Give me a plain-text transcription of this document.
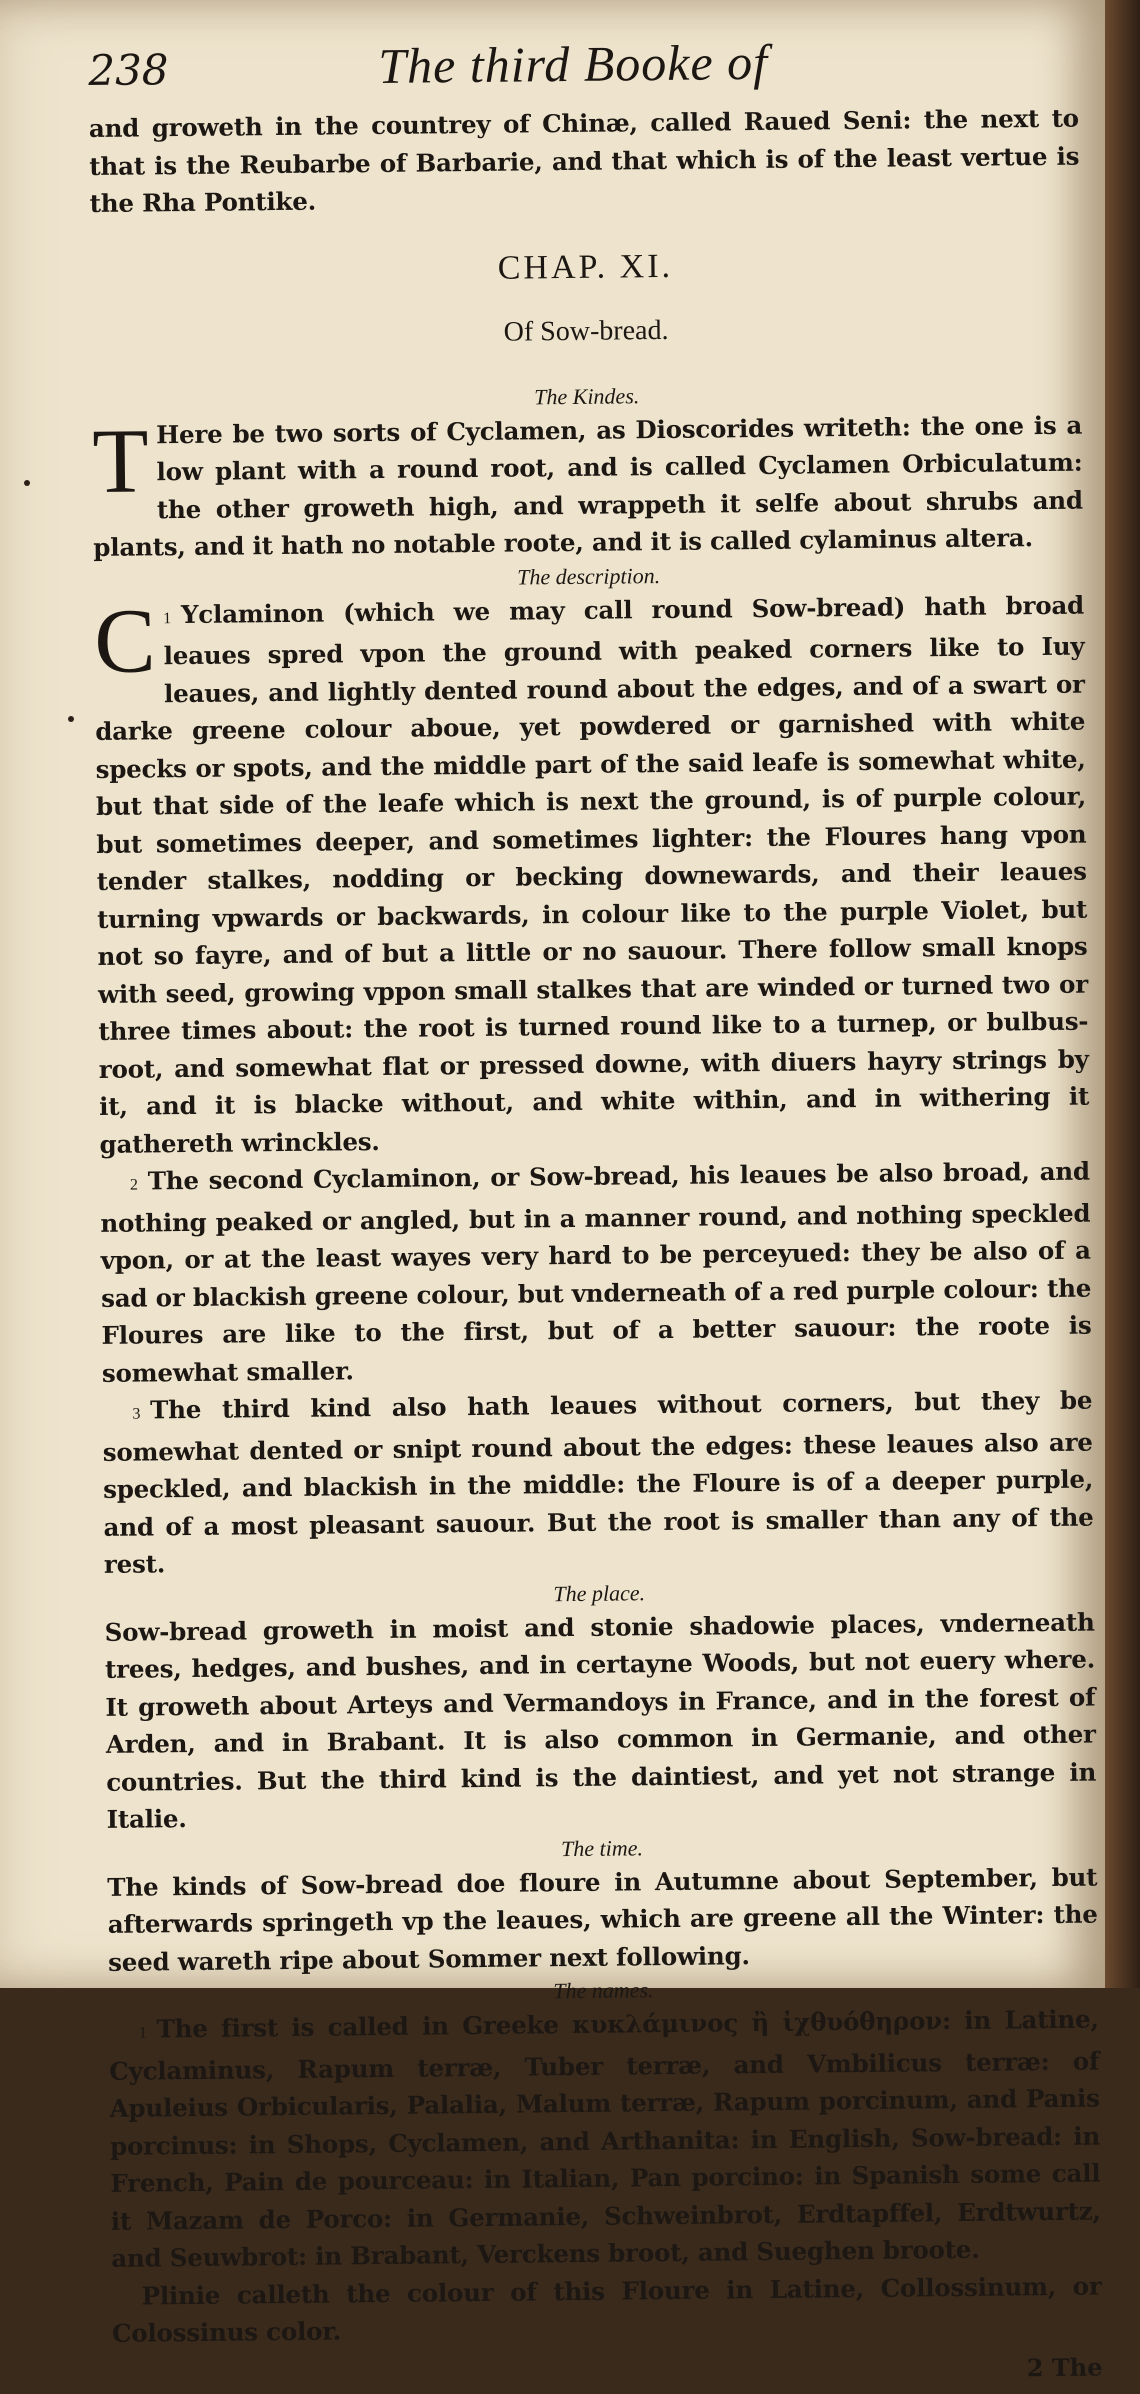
238	The third Booke of

and groweth in the countrey of Chinæ, called Raued Seni: the next to that is the Reubarbe of Barbarie, and that which is of the least vertue is the Rha Pontike.

CHAP. XI.
Of Sow-bread.
The Kindes.

T Here be two sorts of Cyclamen, as Dioscorides writeth: the one is a low plant with a round root, and is called Cyclamen Orbiculatum: the other groweth high, and wrappeth it selfe about shrubs and plants, and it hath no notable roote, and it is called cylaminus altera.

The description.

1
C Yclaminon (which we may call round Sow-bread) hath broad leaues spred vpon the ground with peaked corners like to Iuy leaues, and lightly dented round about the edges, and of a swart or darke greene colour aboue, yet powdered or garnished with white specks or spots, and the middle part of the said leafe is somewhat white, but that side of the leafe which is next the ground, is of purple colour, but sometimes deeper, and sometimes lighter: the Floures hang vpon tender stalkes, nodding or becking downewards, and their leaues turning vpwards or backwards, in colour like to the purple Violet, but not so fayre, and of but a little or no sauour. There follow small knops with seed, growing vppon small stalkes that are winded or turned two or three times about: the root is turned round like to a turnep, or bulbus-root, and somewhat flat or pressed downe, with diuers hayry strings by it, and it is blacke without, and white within, and in withering it gathereth wrinckles.

2 The second Cyclaminon, or Sow-bread, his leaues be also broad, and nothing peaked or angled, but in a manner round, and nothing speckled vpon, or at the least wayes very hard to be perceyued: they be also of a sad or blackish greene colour, but vnderneath of a red purple colour: the Floures are like to the first, but of a better sauour: the roote is somewhat smaller.

3 The third kind also hath leaues without corners, but they be somewhat dented or snipt round about the edges: these leaues also are speckled, and blackish in the middle: the Floure is of a deeper purple, and of a most pleasant sauour. But the root is smaller than any of the rest.

The place.

Sow-bread groweth in moist and stonie shadowie places, vnderneath trees, hedges, and bushes, and in certayne Woods, but not euery where. It groweth about Arteys and Vermandoys in France, and in the forest of Arden, and in Brabant. It is also common in Germanie, and other countries. But the third kind is the daintiest, and yet not strange in Italie.

The time.

The kinds of Sow-bread doe floure in Autumne about September, but afterwards springeth vp the leaues, which are greene all the Winter: the seed wareth ripe about Sommer next following.

The names.

1 The first is called in Greeke κυκλάμινος ἢ ἰχθυόθηρον: in Latine, Cyclaminus, Rapum terræ, Tuber terræ, and Vmbilicus terræ: of Apuleius Orbicularis, Palalia, Malum terræ, Rapum porcinum, and Panis porcinus: in Shops, Cyclamen, and Arthanita: in English, Sow-bread: in French, Pain de pourceau: in Italian, Pan porcino: in Spanish some call it Mazam de Porco: in Germanie, Schweinbrot, Erdtapffel, Erdtwurtz, and Seuwbrot: in Brabant, Verckens broot, and Sueghen broote.

Plinie calleth the colour of this Floure in Latine, Collossinum, or Colossinus color.

2 The
